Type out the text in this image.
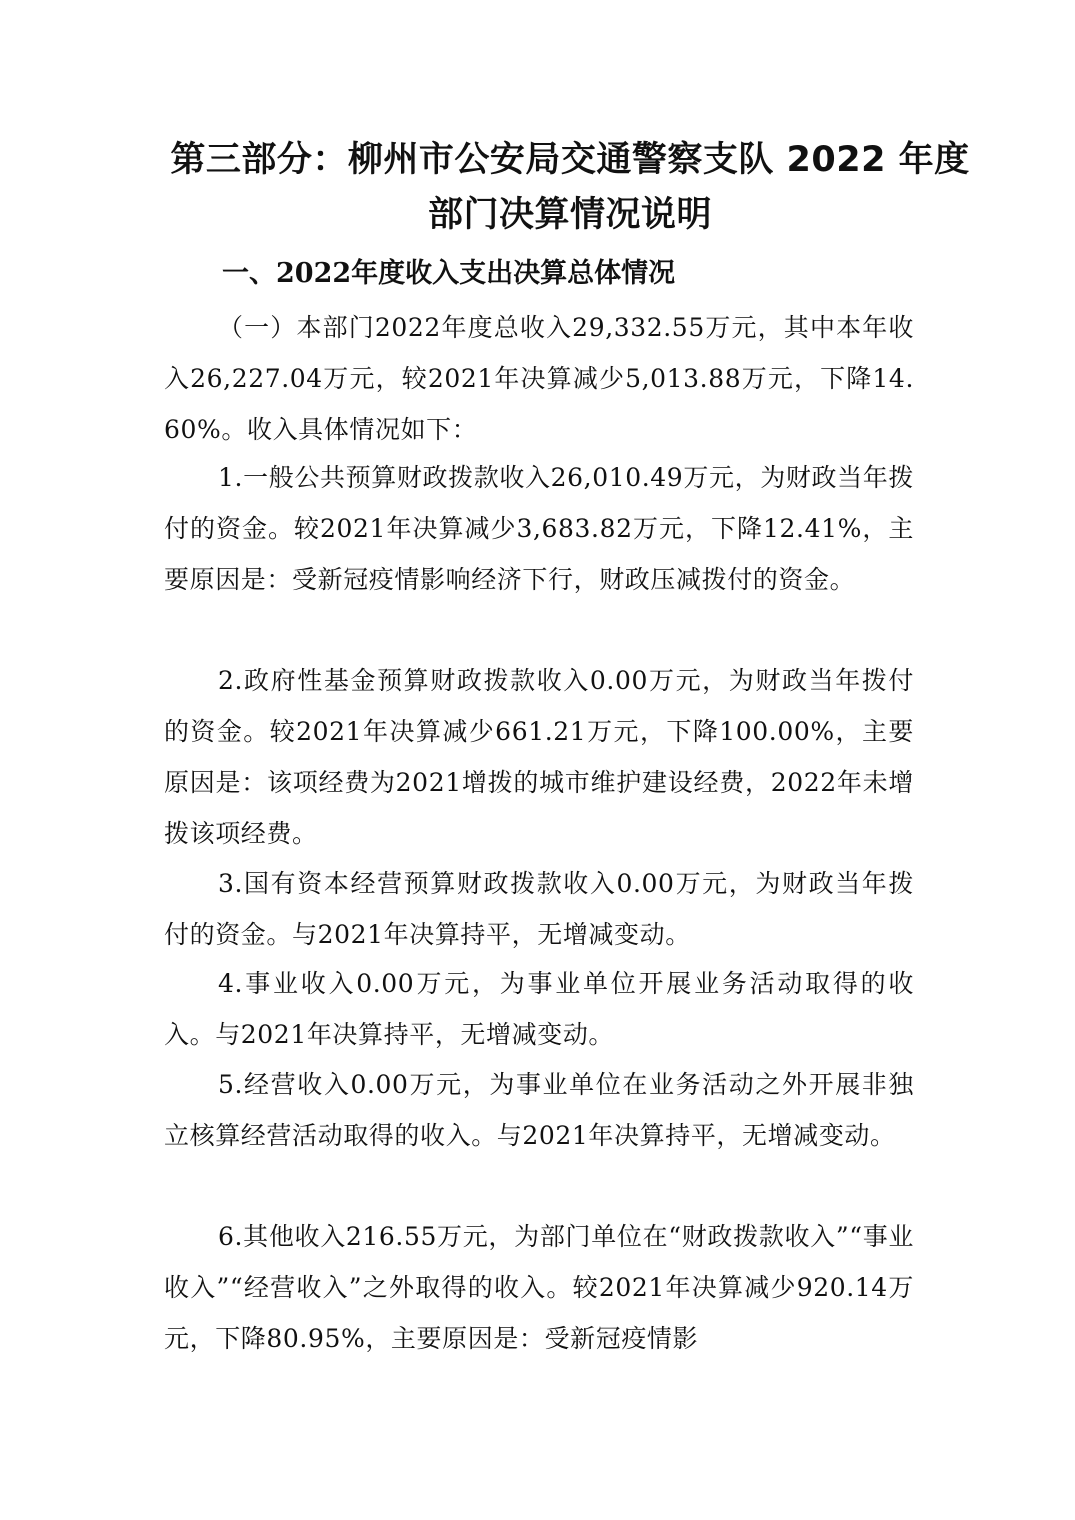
第三部分：柳州市公安局交通警察支队 2022 年度
部门决算情况说明
一、2022年度收入支出决算总体情况

（一）本部门2022年度总收入29,332.55万元，其中本年收入26,227.04万元，较2021年决算减少5,013.88万元，下降14.60%。收入具体情况如下：

1.一般公共预算财政拨款收入26,010.49万元，为财政当年拨付的资金。较2021年决算减少3,683.82万元，下降12.41%，主要原因是：受新冠疫情影响经济下行，财政压减拨付的资金。

2.政府性基金预算财政拨款收入0.00万元，为财政当年拨付的资金。较2021年决算减少661.21万元，下降100.00%，主要原因是：该项经费为2021增拨的城市维护建设经费，2022年未增拨该项经费。

3.国有资本经营预算财政拨款收入0.00万元，为财政当年拨付的资金。与2021年决算持平，无增减变动。

4.事业收入0.00万元，为事业单位开展业务活动取得的收入。与2021年决算持平，无增减变动。

5.经营收入0.00万元，为事业单位在业务活动之外开展非独立核算经营活动取得的收入。与2021年决算持平，无增减变动。

6.其他收入216.55万元，为部门单位在“财政拨款收入”“事业收入”“经营收入”之外取得的收入。较2021年决算减少920.14万元，下降80.95%，主要原因是：受新冠疫情影
